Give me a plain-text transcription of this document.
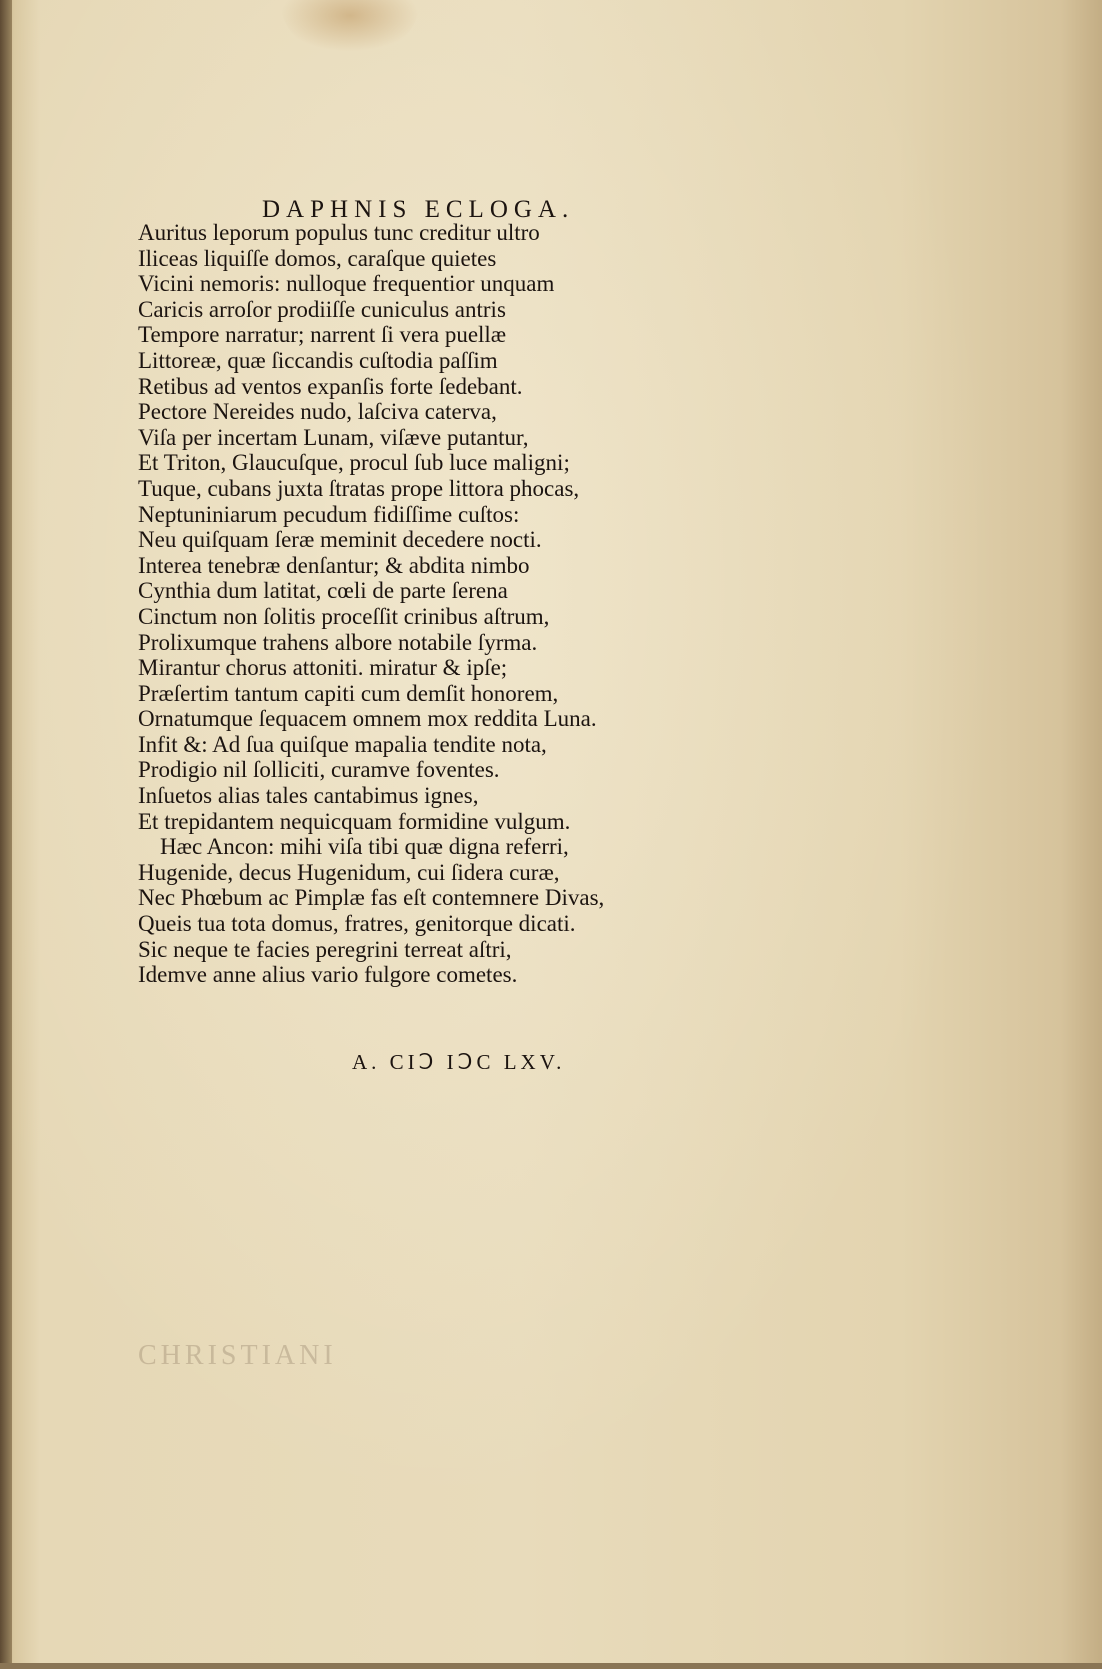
CHRISTIANI
DAPHNIS ECLOGA.
Auritus leporum populus tunc creditur ultro
Iliceas liquiſſe domos, caraſque quietes
Vicini nemoris: nulloque frequentior unquam
Caricis arroſor prodiiſſe cuniculus antris
Tempore narratur; narrent ſi vera puellæ
Littoreæ, quæ ſiccandis cuſtodia paſſim
Retibus ad ventos expanſis forte ſedebant.
Pectore Nereides nudo, laſciva caterva,
Viſa per incertam Lunam, viſæve putantur,
Et Triton, Glaucuſque, procul ſub luce maligni;
Tuque, cubans juxta ſtratas prope littora phocas,
Neptuniniarum pecudum fidiſſime cuſtos:
Neu quiſquam ſeræ meminit decedere nocti.
Interea tenebræ denſantur; & abdita nimbo
Cynthia dum latitat, cœli de parte ſerena
Cinctum non ſolitis proceſſit crinibus aſtrum,
Prolixumque trahens albore notabile ſyrma.
Mirantur chorus attoniti. miratur & ipſe;
Præſertim tantum capiti cum demſit honorem,
Ornatumque ſequacem omnem mox reddita Luna.
Infit &: Ad ſua quiſque mapalia tendite nota,
Prodigio nil ſolliciti, curamve foventes.
Inſuetos alias tales cantabimus ignes,
Et trepidantem nequicquam formidine vulgum.
Hæc Ancon: mihi viſa tibi quæ digna referri,
Hugenide, decus Hugenidum, cui ſidera curæ,
Nec Phœbum ac Pimplæ fas eſt contemnere Divas,
Queis tua tota domus, fratres, genitorque dicati.
Sic neque te facies peregrini terreat aſtri,
Idemve anne alius vario fulgore cometes.
A. CIↃ IↃC LXV.
